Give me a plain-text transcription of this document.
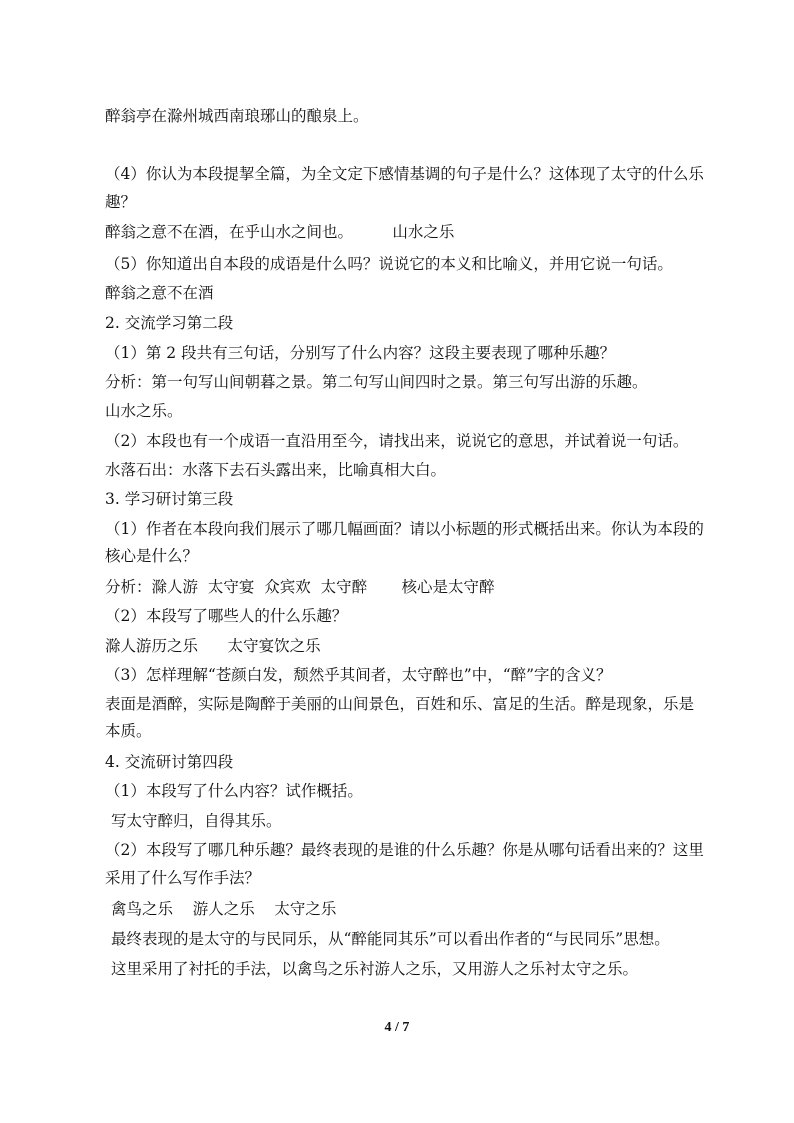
醉翁亭在滁州城西南琅琊山的酿泉上。
（4）你认为本段提挈全篇，为全文定下感情基调的句子是什么？这体现了太守的什么乐
趣？
醉翁之意不在酒，在乎山水之间也。        山水之乐
（5）你知道出自本段的成语是什么吗？说说它的本义和比喻义，并用它说一句话。
醉翁之意不在酒
2. 交流学习第二段
（1）第 2 段共有三句话，分别写了什么内容？这段主要表现了哪种乐趣？
分析：第一句写山间朝暮之景。第二句写山间四时之景。第三句写出游的乐趣。
山水之乐。
（2）本段也有一个成语一直沿用至今，请找出来，说说它的意思，并试着说一句话。
水落石出：水落下去石头露出来，比喻真相大白。
3. 学习研讨第三段
（1）作者在本段向我们展示了哪几幅画面？请以小标题的形式概括出来。你认为本段的
核心是什么？
分析：滁人游  太守宴  众宾欢  太守醉       核心是太守醉
（2）本段写了哪些人的什么乐趣？
滁人游历之乐      太守宴饮之乐
（3）怎样理解“苍颜白发，颓然乎其间者，太守醉也”中，“醉”字的含义？
表面是酒醉，实际是陶醉于美丽的山间景色，百姓和乐、富足的生活。醉是现象，乐是
本质。
4. 交流研讨第四段
（1）本段写了什么内容？试作概括。
写太守醉归，自得其乐。
（2）本段写了哪几种乐趣？最终表现的是谁的什么乐趣？你是从哪句话看出来的？这里
采用了什么写作手法？
禽鸟之乐    游人之乐    太守之乐
最终表现的是太守的与民同乐，从“醉能同其乐”可以看出作者的“与民同乐”思想。
这里采用了衬托的手法，以禽鸟之乐衬游人之乐，又用游人之乐衬太守之乐。
4 / 7
